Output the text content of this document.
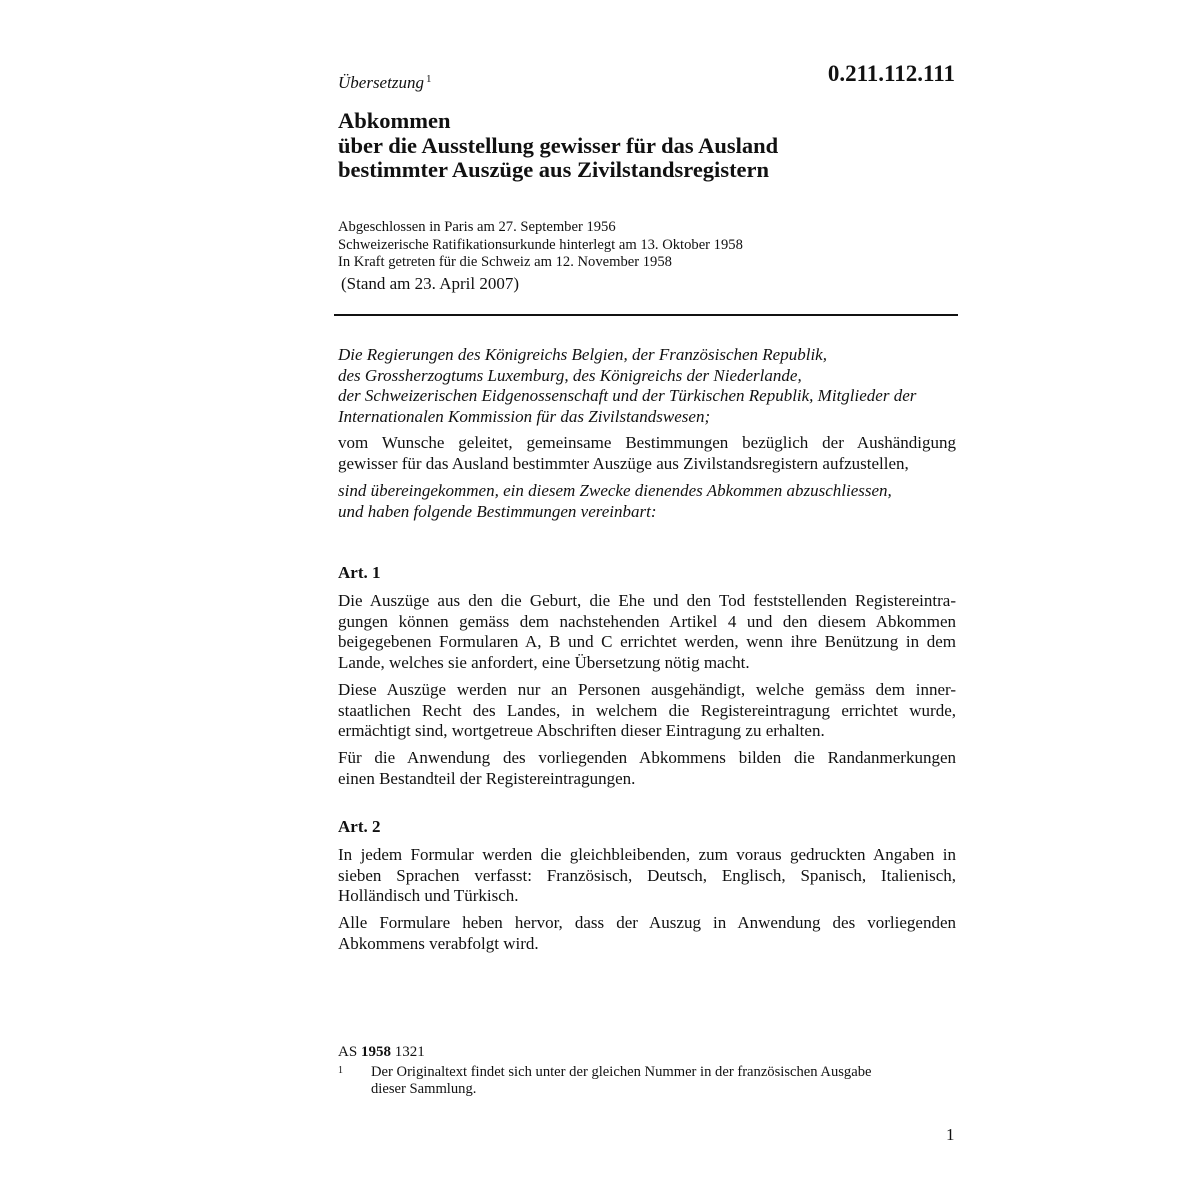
Übersetzung $^1$	0.211.112.111
Abkommen
über die Ausstellung gewisser für das Ausland
bestimmter Auszüge aus Zivilstandsregistern
Abgeschlossen in Paris am 27. September 1956
Schweizerische Ratifikationsurkunde hinterlegt am 13. Oktober 1958
In Kraft getreten für die Schweiz am 12. November 1958
(Stand am 23. April 2007)
Die Regierungen des Königreichs Belgien, der Französischen Republik,
des Grossherzogtums Luxemburg, des Königreichs der Niederlande,
der Schweizerischen Eidgenossenschaft und der Türkischen Republik, Mitglieder der
Internationalen Kommission für das Zivilstandswesen;
vom Wunsche geleitet, gemeinsame Bestimmungen bezüglich der Aushändigung
gewisser für das Ausland bestimmter Auszüge aus Zivilstandsregistern aufzustellen,
sind übereingekommen, ein diesem Zwecke dienendes Abkommen abzuschliessen,
und haben folgende Bestimmungen vereinbart:
Art. 1
Die Auszüge aus den die Geburt, die Ehe und den Tod feststellenden Registereintra-
gungen können gemäss dem nachstehenden Artikel 4 und den diesem Abkommen
beigegebenen Formularen A, B und C errichtet werden, wenn ihre Benützung in dem
Lande, welches sie anfordert, eine Übersetzung nötig macht.
Diese Auszüge werden nur an Personen ausgehändigt, welche gemäss dem inner-
staatlichen Recht des Landes, in welchem die Registereintragung errichtet wurde,
ermächtigt sind, wortgetreue Abschriften dieser Eintragung zu erhalten.
Für die Anwendung des vorliegenden Abkommens bilden die Randanmerkungen
einen Bestandteil der Registereintragungen.
Art. 2
In jedem Formular werden die gleichbleibenden, zum voraus gedruckten Angaben in
sieben Sprachen verfasst: Französisch, Deutsch, Englisch, Spanisch, Italienisch,
Holländisch und Türkisch.
Alle Formulare heben hervor, dass der Auszug in Anwendung des vorliegenden
Abkommens verabfolgt wird.
AS 1958 1321
1 Der Originaltext findet sich unter der gleichen Nummer in der französischen Ausgabe
dieser Sammlung.
1
